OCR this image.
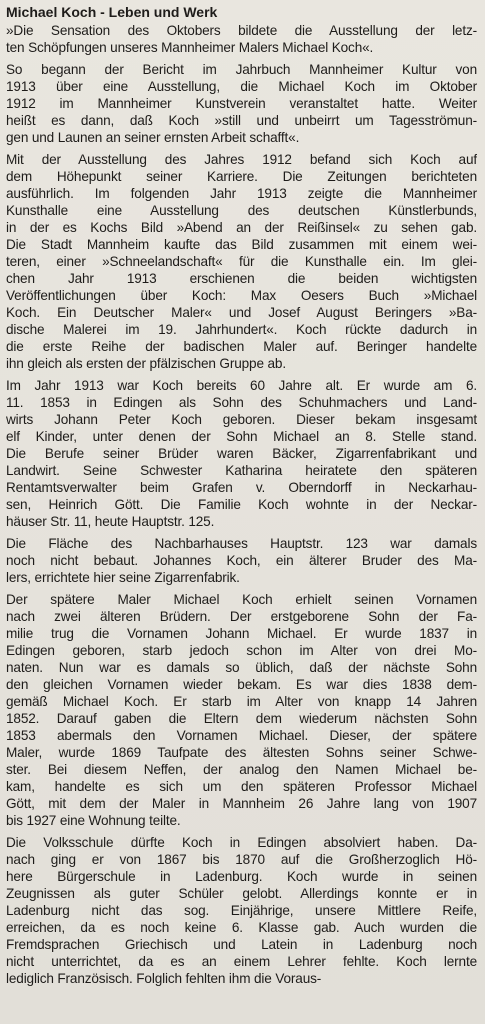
Michael Koch - Leben und Werk
»Die Sensation des Oktobers bildete die Ausstellung der letz-
ten Schöpfungen unseres Mannheimer Malers Michael Koch«.
So begann der Bericht im Jahrbuch Mannheimer Kultur von
1913 über eine Ausstellung, die Michael Koch im Oktober
1912 im Mannheimer Kunstverein veranstaltet hatte. Weiter
heißt es dann, daß Koch »still und unbeirrt um Tagesströmun-
gen und Launen an seiner ernsten Arbeit schafft«.
Mit der Ausstellung des Jahres 1912 befand sich Koch auf
dem Höhepunkt seiner Karriere. Die Zeitungen berichteten
ausführlich. Im folgenden Jahr 1913 zeigte die Mannheimer
Kunsthalle eine Ausstellung des deutschen Künstlerbunds,
in der es Kochs Bild »Abend an der Reißinsel« zu sehen gab.
Die Stadt Mannheim kaufte das Bild zusammen mit einem wei-
teren, einer »Schneelandschaft« für die Kunsthalle ein. Im glei-
chen Jahr 1913 erschienen die beiden wichtigsten
Veröffentlichungen über Koch: Max Oesers Buch »Michael
Koch. Ein Deutscher Maler« und Josef August Beringers »Ba-
dische Malerei im 19. Jahrhundert«. Koch rückte dadurch in
die erste Reihe der badischen Maler auf. Beringer handelte
ihn gleich als ersten der pfälzischen Gruppe ab.
Im Jahr 1913 war Koch bereits 60 Jahre alt. Er wurde am 6.
11. 1853 in Edingen als Sohn des Schuhmachers und Land-
wirts Johann Peter Koch geboren. Dieser bekam insgesamt
elf Kinder, unter denen der Sohn Michael an 8. Stelle stand.
Die Berufe seiner Brüder waren Bäcker, Zigarrenfabrikant und
Landwirt. Seine Schwester Katharina heiratete den späteren
Rentamtsverwalter beim Grafen v. Oberndorff in Neckarhau-
sen, Heinrich Gött. Die Familie Koch wohnte in der Neckar-
häuser Str. 11, heute Hauptstr. 125.
Die Fläche des Nachbarhauses Hauptstr. 123 war damals
noch nicht bebaut. Johannes Koch, ein älterer Bruder des Ma-
lers, errichtete hier seine Zigarrenfabrik.
Der spätere Maler Michael Koch erhielt seinen Vornamen
nach zwei älteren Brüdern. Der erstgeborene Sohn der Fa-
milie trug die Vornamen Johann Michael. Er wurde 1837 in
Edingen geboren, starb jedoch schon im Alter von drei Mo-
naten. Nun war es damals so üblich, daß der nächste Sohn
den gleichen Vornamen wieder bekam. Es war dies 1838 dem-
gemäß Michael Koch. Er starb im Alter von knapp 14 Jahren
1852. Darauf gaben die Eltern dem wiederum nächsten Sohn
1853 abermals den Vornamen Michael. Dieser, der spätere
Maler, wurde 1869 Taufpate des ältesten Sohns seiner Schwe-
ster. Bei diesem Neffen, der analog den Namen Michael be-
kam, handelte es sich um den späteren Professor Michael
Gött, mit dem der Maler in Mannheim 26 Jahre lang von 1907
bis 1927 eine Wohnung teilte.
Die Volksschule dürfte Koch in Edingen absolviert haben. Da-
nach ging er von 1867 bis 1870 auf die Großherzoglich Hö-
here Bürgerschule in Ladenburg. Koch wurde in seinen
Zeugnissen als guter Schüler gelobt. Allerdings konnte er in
Ladenburg nicht das sog. Einjährige, unsere Mittlere Reife,
erreichen, da es noch keine 6. Klasse gab. Auch wurden die
Fremdsprachen Griechisch und Latein in Ladenburg noch
nicht unterrichtet, da es an einem Lehrer fehlte. Koch lernte
lediglich Französisch. Folglich fehlten ihm die Voraus-
